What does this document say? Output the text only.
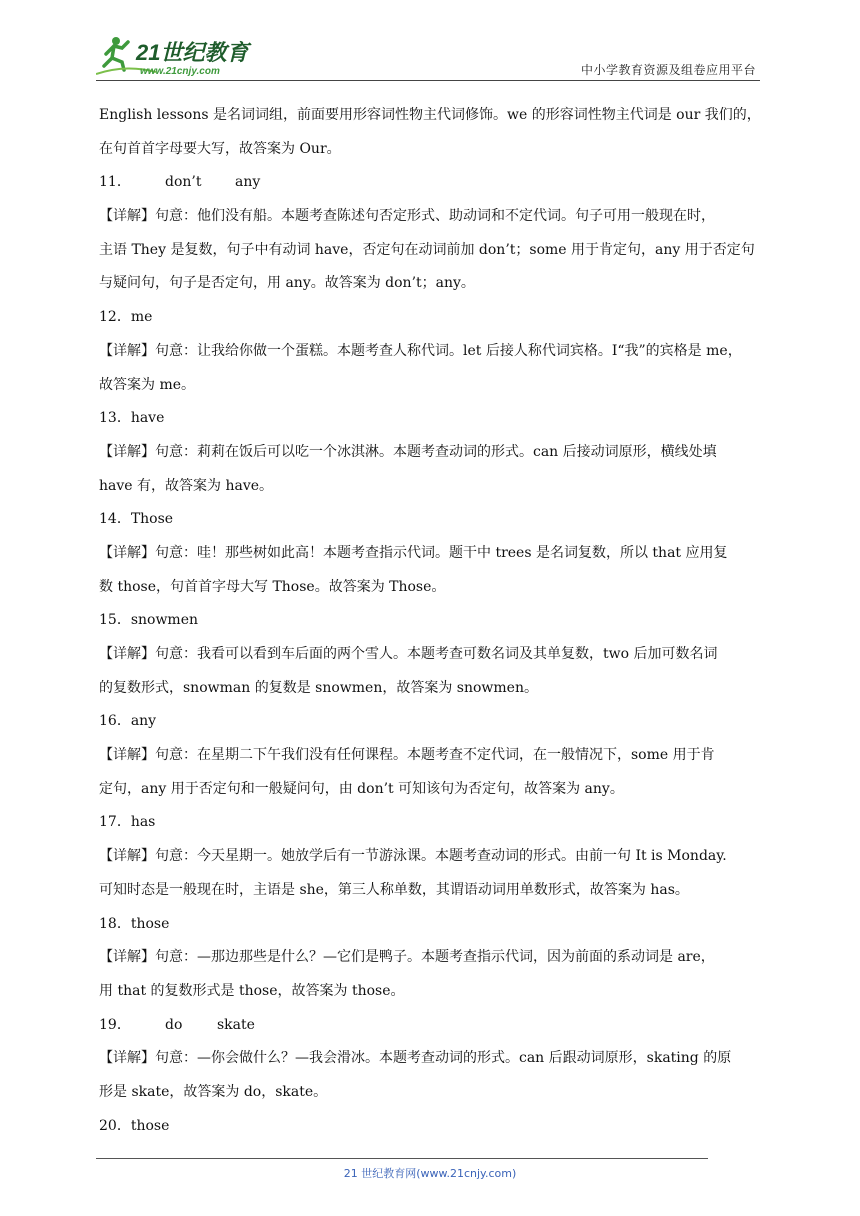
21世纪教育
www.21cnjy.com	中小学教育资源及组卷应用平台
English lessons 是名词词组，前面要用形容词性物主代词修饰。we 的形容词性物主代词是 our 我们的，
在句首首字母要大写，故答案为 Our。
11． don’t any
【详解】句意：他们没有船。本题考查陈述句否定形式、助动词和不定代词。句子可用一般现在时，
主语 They 是复数，句子中有动词 have，否定句在动词前加 don’t；some 用于肯定句，any 用于否定句
与疑问句，句子是否定句，用 any。故答案为 don’t；any。
12．me
【详解】句意：让我给你做一个蛋糕。本题考查人称代词。let 后接人称代词宾格。I“我”的宾格是 me，
故答案为 me。
13．have
【详解】句意：莉莉在饭后可以吃一个冰淇淋。本题考查动词的形式。can 后接动词原形，横线处填
have 有，故答案为 have。
14．Those
【详解】句意：哇！那些树如此高！本题考查指示代词。题干中 trees 是名词复数，所以 that 应用复
数 those，句首首字母大写 Those。故答案为 Those。
15．snowmen
【详解】句意：我看可以看到车后面的两个雪人。本题考查可数名词及其单复数，two 后加可数名词
的复数形式，snowman 的复数是 snowmen，故答案为 snowmen。
16．any
【详解】句意：在星期二下午我们没有任何课程。本题考查不定代词，在一般情况下，some 用于肯
定句，any 用于否定句和一般疑问句，由 don’t 可知该句为否定句，故答案为 any。
17．has
【详解】句意：今天星期一。她放学后有一节游泳课。本题考查动词的形式。由前一句 It is Monday.
可知时态是一般现在时，主语是 she，第三人称单数，其谓语动词用单数形式，故答案为 has。
18．those
【详解】句意：—那边那些是什么？—它们是鸭子。本题考查指示代词，因为前面的系动词是 are，
用 that 的复数形式是 those，故答案为 those。
19． do skate
【详解】句意：—你会做什么？—我会滑冰。本题考查动词的形式。can 后跟动词原形，skating 的原
形是 skate，故答案为 do，skate。
20．those
21 世纪教育网(www.21cnjy.com)
